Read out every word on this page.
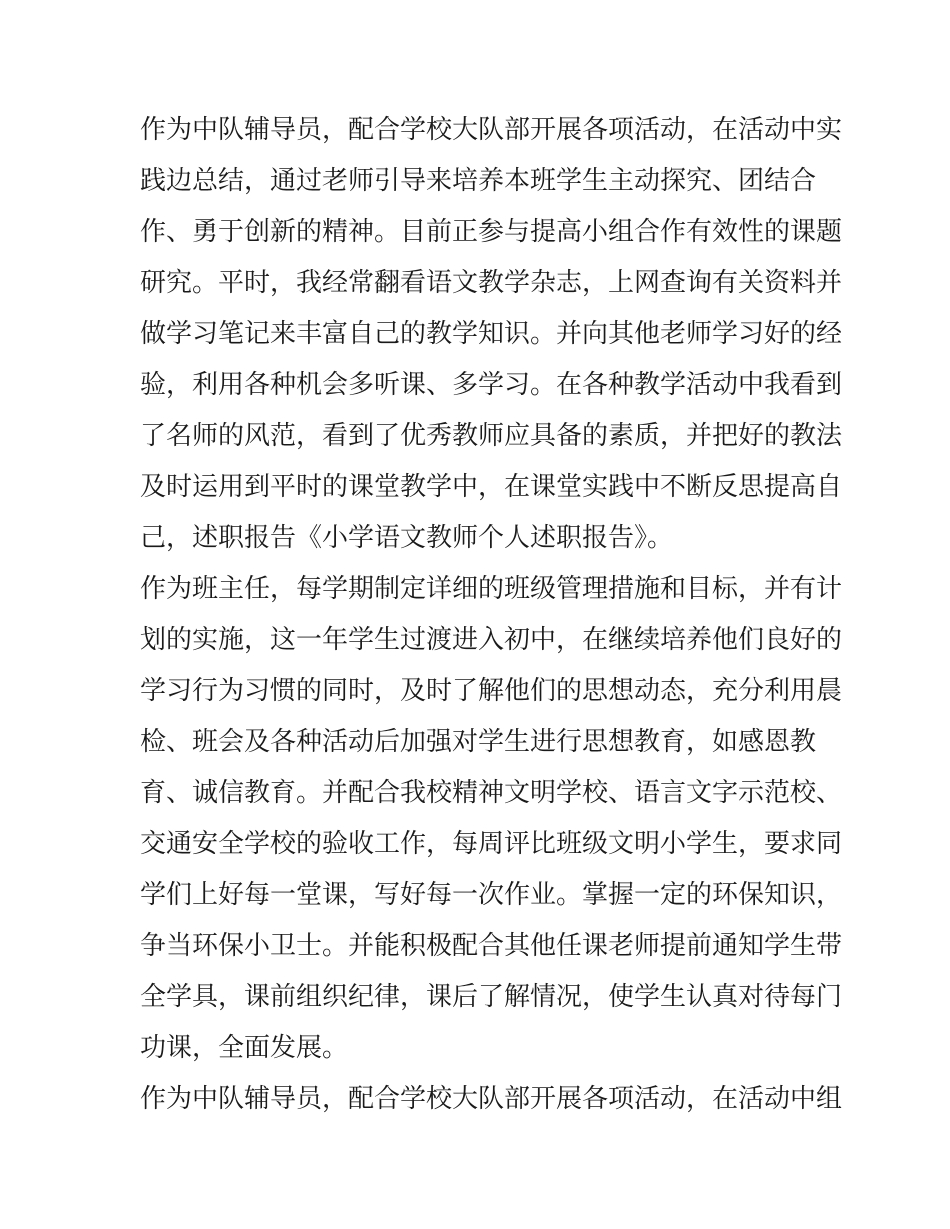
作为中队辅导员，配合学校大队部开展各项活动，在活动中实
践边总结，通过老师引导来培养本班学生主动探究、团结合
作、勇于创新的精神。目前正参与提高小组合作有效性的课题
研究。平时，我经常翻看语文教学杂志，上网查询有关资料并
做学习笔记来丰富自己的教学知识。并向其他老师学习好的经
验，利用各种机会多听课、多学习。在各种教学活动中我看到
了名师的风范，看到了优秀教师应具备的素质，并把好的教法
及时运用到平时的课堂教学中，在课堂实践中不断反思提高自
己，述职报告《小学语文教师个人述职报告》。
作为班主任，每学期制定详细的班级管理措施和目标，并有计
划的实施，这一年学生过渡进入初中，在继续培养他们良好的
学习行为习惯的同时，及时了解他们的思想动态，充分利用晨
检、班会及各种活动后加强对学生进行思想教育，如感恩教
育、诚信教育。并配合我校精神文明学校、语言文字示范校、
交通安全学校的验收工作，每周评比班级文明小学生，要求同
学们上好每一堂课，写好每一次作业。掌握一定的环保知识，
争当环保小卫士。并能积极配合其他任课老师提前通知学生带
全学具，课前组织纪律，课后了解情况，使学生认真对待每门
功课，全面发展。
作为中队辅导员，配合学校大队部开展各项活动，在活动中组
